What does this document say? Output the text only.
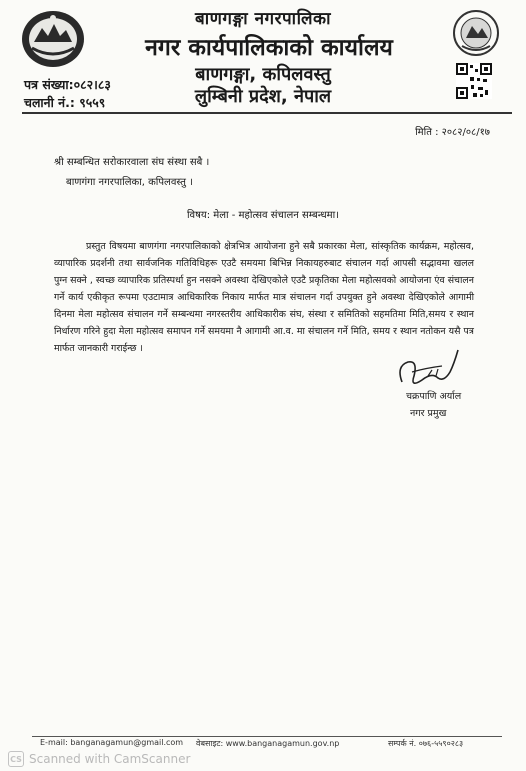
बाणगङ्गा नगरपालिका
नगर कार्यपालिकाको कार्यालय
बाणगङ्गा, कपिलवस्तु
लुम्बिनी प्रदेश, नेपाल
पत्र संख्या:०८२।८३
चलानी नं.: ९५५९
मिति : २०८२/०८/१७
श्री सम्बन्धित सरोकारवाला संघ संस्था सबै ।
बाणगंगा नगरपालिका, कपिलवस्तु ।
विषय: मेला - महोत्सव संचालन सम्बन्धमा।
प्रस्तुत विषयमा बाणगंगा नगरपालिकाको क्षेत्रभित्र आयोजना हुने सबै प्रकारका मेला, सांस्कृतिक कार्यक्रम, महोत्सव, व्यापारिक प्रदर्शनी तथा सार्वजनिक गतिविधिहरू एउटै समयमा बिभिन्न निकायहरुबाट संचालन गर्दा आपसी सद्भावमा खलल पुग्न सक्ने , स्वच्छ व्यापारिक प्रतिस्पर्धा हुन नसक्ने अवस्था देखिएकोले एउटै प्रकृतिका मेला महोत्सवको आयोजना एंव संचालन गर्ने कार्य एकीकृत रूपमा एउटामात्र आधिकारिक निकाय मार्फत मात्र संचालन गर्दा उपयुक्त हुने अवस्था देखिएकोले आगामी दिनमा मेला महोत्सव संचालन गर्ने सम्बन्धमा नगरस्तरीय आधिकारीक संघ, संस्था र समितिको सहमतिमा मिति,समय र स्थान निर्धारण गरिने हुदा मेला महोत्सव समापन गर्ने समयमा नै आगामी आ.व. मा संचालन गर्ने मिति, समय र स्थान नतोकन यसै पत्र मार्फत जानकारी गराईन्छ ।
चक्रपाणि अर्याल
नगर प्रमुख
E-mail: banganagamun@gmail.com वेबसाइट: www.banganagamun.gov.np	सम्पर्क नं. ०७६-५५९०२८३
CS Scanned with CamScanner
